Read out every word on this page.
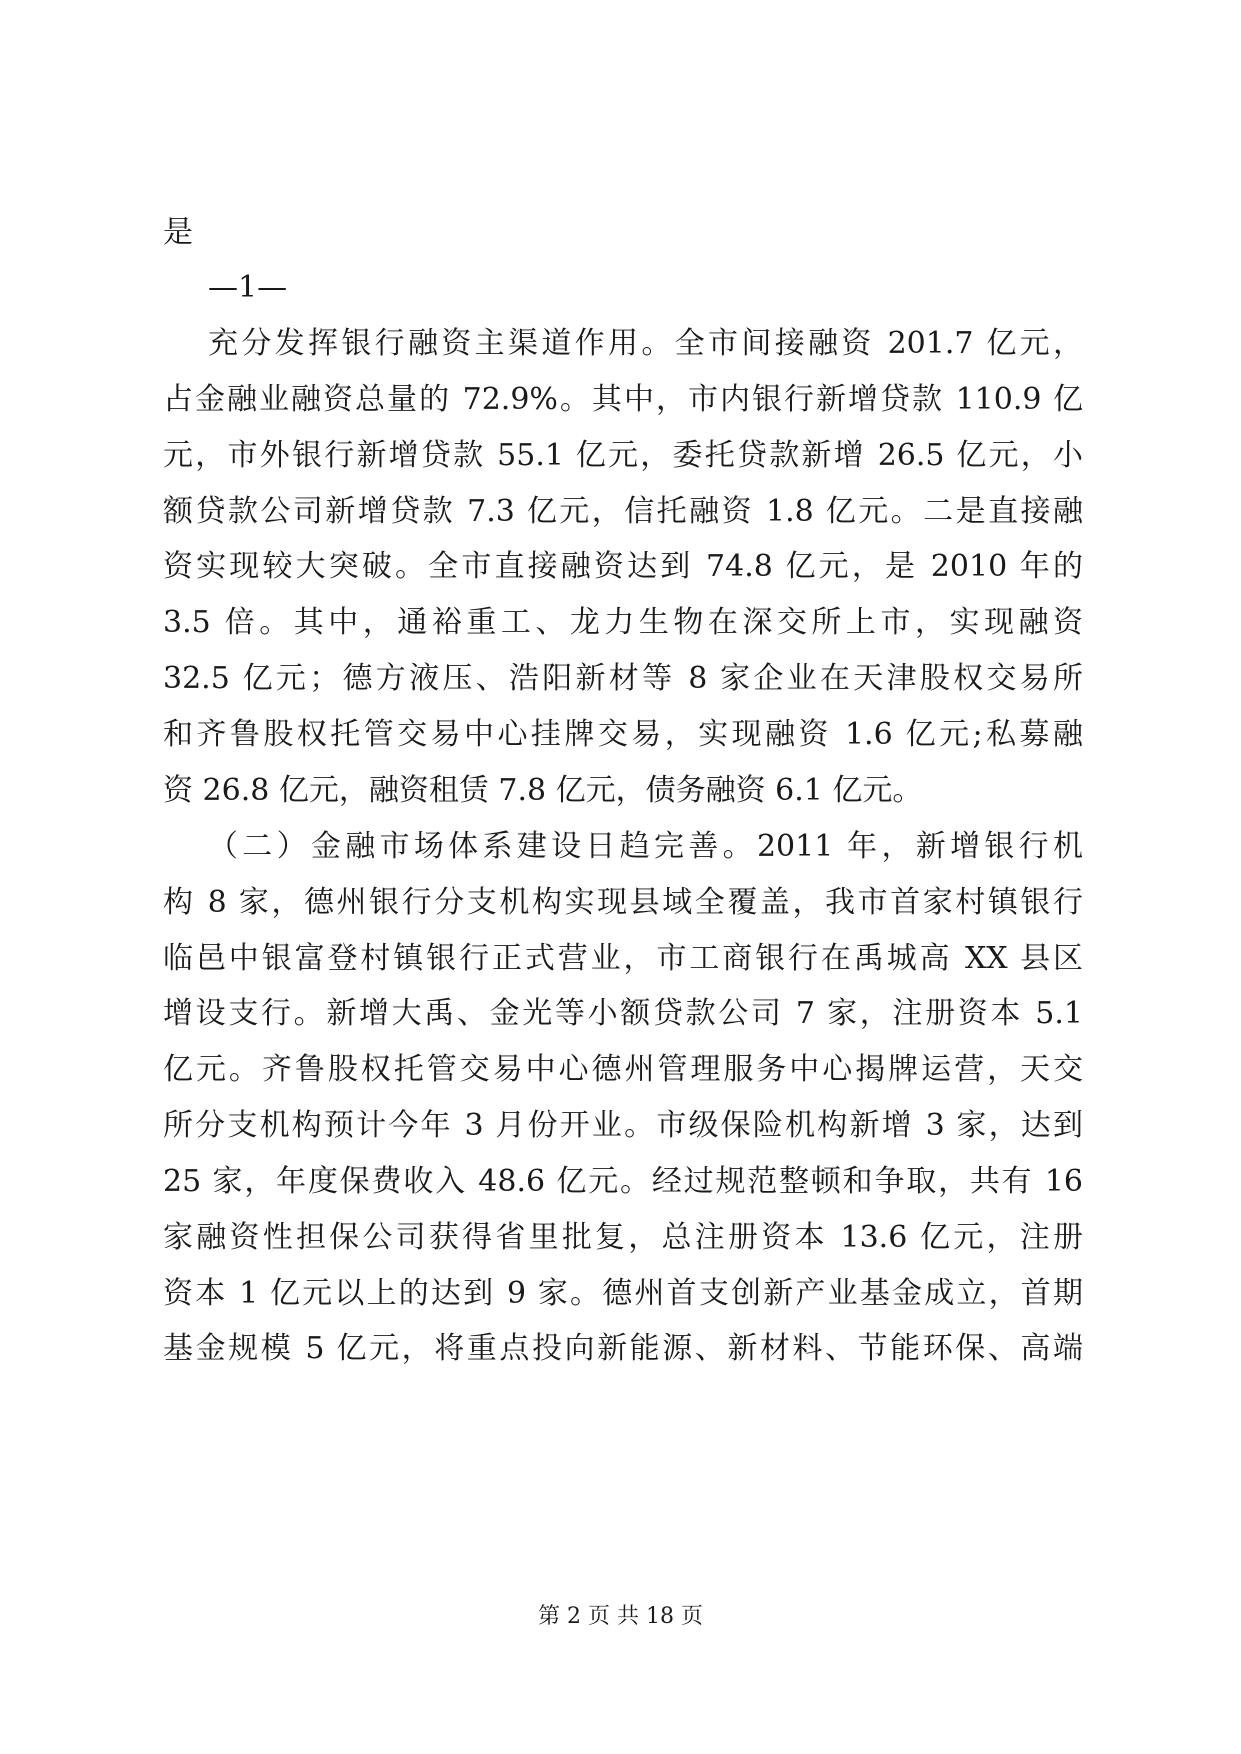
是
—1—
充分发挥银行融资主渠道作用。全市间接融资 201.7 亿元，
占金融业融资总量的 72.9%。其中，市内银行新增贷款 110.9 亿
元，市外银行新增贷款 55.1 亿元，委托贷款新增 26.5 亿元，小
额贷款公司新增贷款 7.3 亿元，信托融资 1.8 亿元。二是直接融
资实现较大突破。全市直接融资达到 74.8 亿元，是 2010 年的
3.5 倍。其中，通裕重工、龙力生物在深交所上市，实现融资
32.5 亿元；德方液压、浩阳新材等 8 家企业在天津股权交易所
和齐鲁股权托管交易中心挂牌交易，实现融资 1.6 亿元;私募融
资 26.8 亿元，融资租赁 7.8 亿元，债务融资 6.1 亿元。
（二）金融市场体系建设日趋完善。2011 年，新增银行机
构 8 家，德州银行分支机构实现县域全覆盖，我市首家村镇银行
临邑中银富登村镇银行正式营业，市工商银行在禹城高 XX 县区
增设支行。新增大禹、金光等小额贷款公司 7 家，注册资本 5.1
亿元。齐鲁股权托管交易中心德州管理服务中心揭牌运营，天交
所分支机构预计今年 3 月份开业。市级保险机构新增 3 家，达到
25 家，年度保费收入 48.6 亿元。经过规范整顿和争取，共有 16
家融资性担保公司获得省里批复，总注册资本 13.6 亿元，注册
资本 1 亿元以上的达到 9 家。德州首支创新产业基金成立，首期
基金规模 5 亿元，将重点投向新能源、新材料、节能环保、高端
第 2 页 共 18 页
